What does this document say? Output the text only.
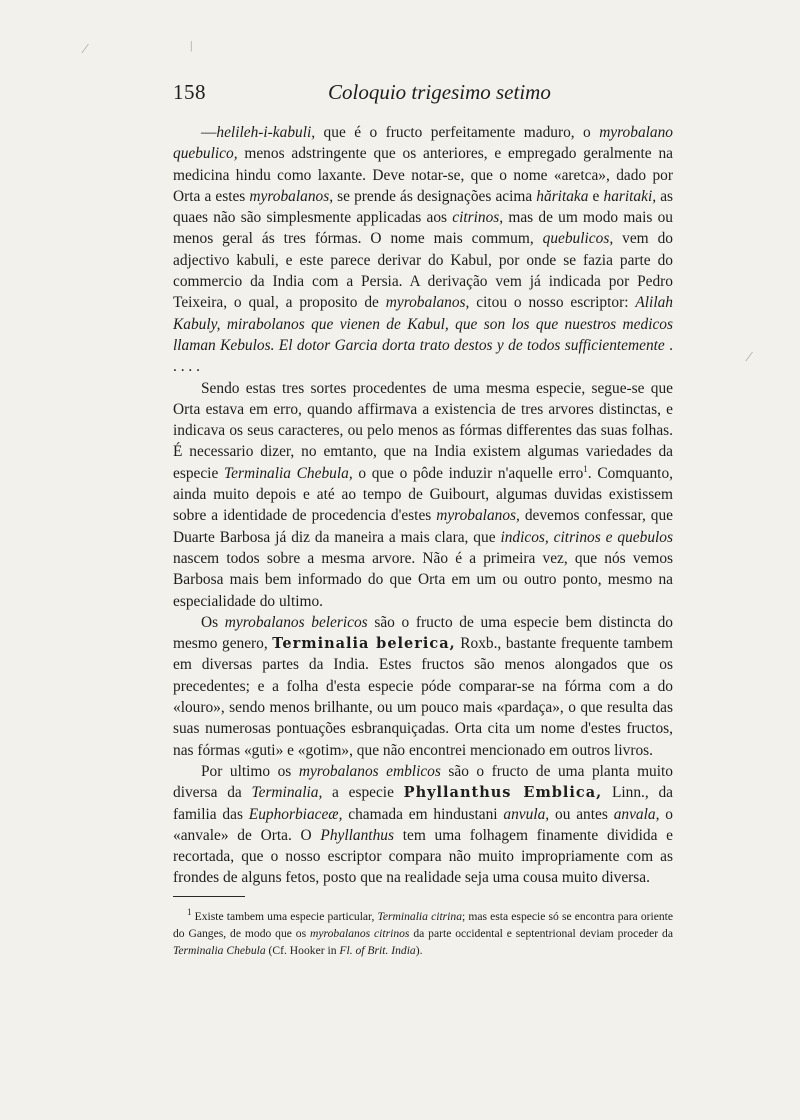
⁄	|
⁄
158	Coloquio trigesimo setimo

—helileh-i-kabuli, que é o fructo perfeitamente maduro, o myrobalano quebulico, menos adstringente que os anteriores, e empregado geralmente na medicina hindu como laxante. Deve notar-se, que o nome «aretca», dado por Orta a estes myrobalanos, se prende ás designações acima hăritaka e haritaki, as quaes não são simplesmente applicadas aos citrinos, mas de um modo mais ou menos geral ás tres fórmas. O nome mais commum, quebulicos, vem do adjectivo kabuli, e este parece derivar do Kabul, por onde se fazia parte do commercio da India com a Persia. A derivação vem já indicada por Pedro Teixeira, o qual, a proposito de myrobalanos, citou o nosso escriptor: Alilah Kabuly, mirabolanos que vienen de Kabul, que son los que nuestros medicos llaman Kebulos. El dotor Garcia dorta trato destos y de todos sufficientemente . . . . .

Sendo estas tres sortes procedentes de uma mesma especie, segue-se que Orta estava em erro, quando affirmava a existencia de tres arvores distinctas, e indicava os seus caracteres, ou pelo menos as fórmas differentes das suas folhas. É necessario dizer, no emtanto, que na India existem algumas variedades da especie Terminalia Chebula, o que o pôde induzir n'aquelle erro$^1$. Comquanto, ainda muito depois e até ao tempo de Guibourt, algumas duvidas existissem sobre a identidade de procedencia d'estes myrobalanos, devemos confessar, que Duarte Barbosa já diz da maneira a mais clara, que indicos, citrinos e quebulos nascem todos sobre a mesma arvore. Não é a primeira vez, que nós vemos Barbosa mais bem informado do que Orta em um ou outro ponto, mesmo na especialidade do ultimo.

Os myrobalanos belericos são o fructo de uma especie bem distincta do mesmo genero, Terminalia belerica, Roxb., bastante frequente tambem em diversas partes da India. Estes fructos são menos alongados que os precedentes; e a folha d'esta especie póde comparar-se na fórma com a do «louro», sendo menos brilhante, ou um pouco mais «pardaça», o que resulta das suas numerosas pontuações esbranquiçadas. Orta cita um nome d'estes fructos, nas fórmas «guti» e «gotim», que não encontrei mencionado em outros livros.

Por ultimo os myrobalanos emblicos são o fructo de uma planta muito diversa da Terminalia, a especie Phyllanthus Emblica, Linn., da familia das Euphorbiaceæ, chamada em hindustani anvula, ou antes anvala, o «anvale» de Orta. O Phyllanthus tem uma folhagem finamente dividida e recortada, que o nosso escriptor compara não muito impropriamente com as frondes de alguns fetos, posto que na realidade seja uma cousa muito diversa.

$^1$ Existe tambem uma especie particular, Terminalia citrina; mas esta especie só se encontra para oriente do Ganges, de modo que os myrobalanos citrinos da parte occidental e septentrional deviam proceder da Terminalia Chebula (Cf. Hooker in Fl. of Brit. India).
